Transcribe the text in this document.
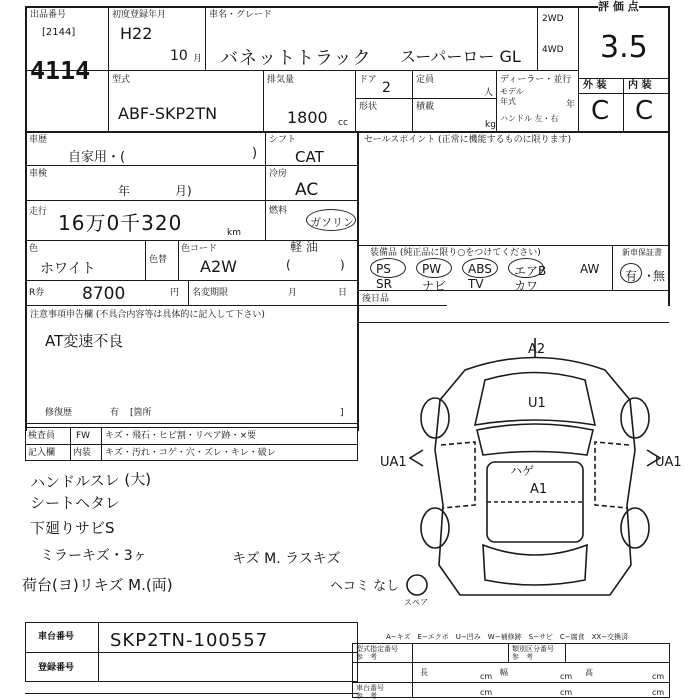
出品番号
[2144]
4114
初度登録年月
H22
10 月
車名・グレード
バネットトラック スーパーロー GL
2WD
4WD
評 価 点
3.5
外 装 内 装
C C
型式
ABF-SKP2TN
排気量
1800 cc
ドア 2
形状
定員
人
積載
kg
ディーラー・並行
モデル
年式	年
ハンドル 左・右
車歴
自家用・(	)
シフト
CAT
車検
年	月)
冷房
AC
走行 16万0千320	km
燃料
ガソリン
軽 油
(	)
色
ホワイト
色替
色コード
A2W
R券 8700	円 名変期限	月	日
注意事項申告欄 (不具合内容等は具体的に記入して下さい)
AT変速不良
修復歴	有 [箇所	]
セールスポイント (正常に機能するものに限ります)
装備品 (純正品に限り○をつけてください)	新車保証書
PS	PW ABS エアB	AW
SR	ナビ TV	カワ
有 ・
無
後日品
検査員
記入欄
FW キズ・飛石・ヒビ割・リペア跡・×要
内装 キズ・汚れ・コゲ・穴・ズレ・キレ・破レ
ハンドルスレ (大)
シートヘタレ
下廻りサビS
ミラーキズ・3ヶ
荷台(ヨ)リキズ M.(両)
キズ M. ラスキズ
ヘコミ なし
A2
U1
UA1	UA1
ハゲ
A1
スペア
車台番号 SKP2TN-100557
登録番号
A−キズ　E−エクボ　U−凹み　W−補修跡　S−サビ　C−腐食　XX−交換済
型式指定番号
参　考
類別区分番号
参　考
長	cm 幅	cm 高	cm
車台番号
参　考	cm	cm	cm
